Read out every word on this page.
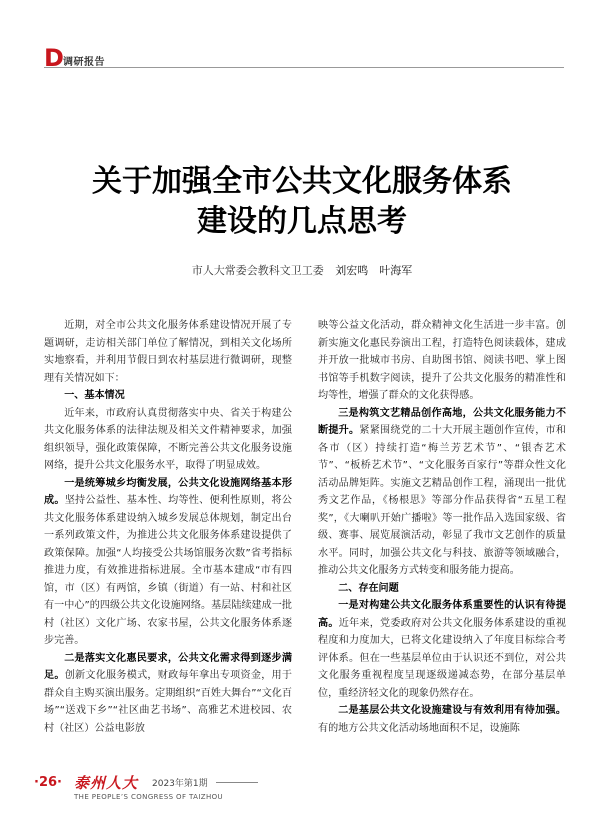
D 调研报告
关于加强全市公共文化服务体系
建设的几点思考
市人大常委会教科文卫工委 刘宏鸣　叶海军

近期，对全市公共文化服务体系建设情况开展了专题调研，走访相关部门单位了解情况，到相关文化场所实地察看，并利用节假日到农村基层进行微调研，现整理有关情况如下：

一、基本情况

近年来，市政府认真贯彻落实中央、省关于构建公共文化服务体系的法律法规及相关文件精神要求，加强组织领导，强化政策保障，不断完善公共文化服务设施网络，提升公共文化服务水平，取得了明显成效。

一是统筹城乡均衡发展，公共文化设施网络基本形成。坚持公益性、基本性、均等性、便利性原则，将公共文化服务体系建设纳入城乡发展总体规划，制定出台一系列政策文件，为推进公共文化服务体系建设提供了政策保障。加强“人均接受公共场馆服务次数”省考指标推进力度，有效推进指标进展。全市基本建成“市有四馆，市（区）有两馆，乡镇（街道）有一站、村和社区有一中心”的四级公共文化设施网络。基层陆续建成一批村（社区）文化广场、农家书屋，公共文化服务体系逐步完善。

二是落实文化惠民要求，公共文化需求得到逐步满足。创新文化服务模式，财政每年拿出专项资金，用于群众自主购买演出服务。定期组织“百姓大舞台”“文化百场”“送戏下乡”“社区曲艺书场”、高雅艺术进校园、农村（社区）公益电影放

映等公益文化活动，群众精神文化生活进一步丰富。创新实施文化惠民券演出工程，打造特色阅读载体，建成并开放一批城市书房、自助图书馆、阅读书吧、掌上图书馆等手机数字阅读，提升了公共文化服务的精准性和均等性，增强了群众的文化获得感。

三是构筑文艺精品创作高地，公共文化服务能力不断提升。紧紧围绕党的二十大开展主题创作宣传，市和各市（区）持续打造“梅兰芳艺术节”、“银杏艺术节”、“板桥艺术节”、“文化服务百家行”等群众性文化活动品牌矩阵。实施文艺精品创作工程，涌现出一批优秀文艺作品，《杨根思》等部分作品获得省“五星工程奖”，《大喇叭开始广播啦》等一批作品入选国家级、省级、赛事、展览展演活动，彰显了我市文艺创作的质量水平。同时，加强公共文化与科技、旅游等领域融合，推动公共文化服务方式转变和服务能力提高。

二、存在问题

一是对构建公共文化服务体系重要性的认识有待提高。近年来，党委政府对公共文化服务体系建设的重视程度和力度加大，已将文化建设纳入了年度目标综合考评体系。但在一些基层单位由于认识还不到位，对公共文化服务重视程度呈现逐级递减态势，在部分基层单位，重经济轻文化的现象仍然存在。

二是基层公共文化设施建设与有效利用有待加强。有的地方公共文化活动场地面积不足，设施陈

·26· 泰州人大 2023年第1期
THE PEOPLE’S CONGRESS OF TAIZHOU
